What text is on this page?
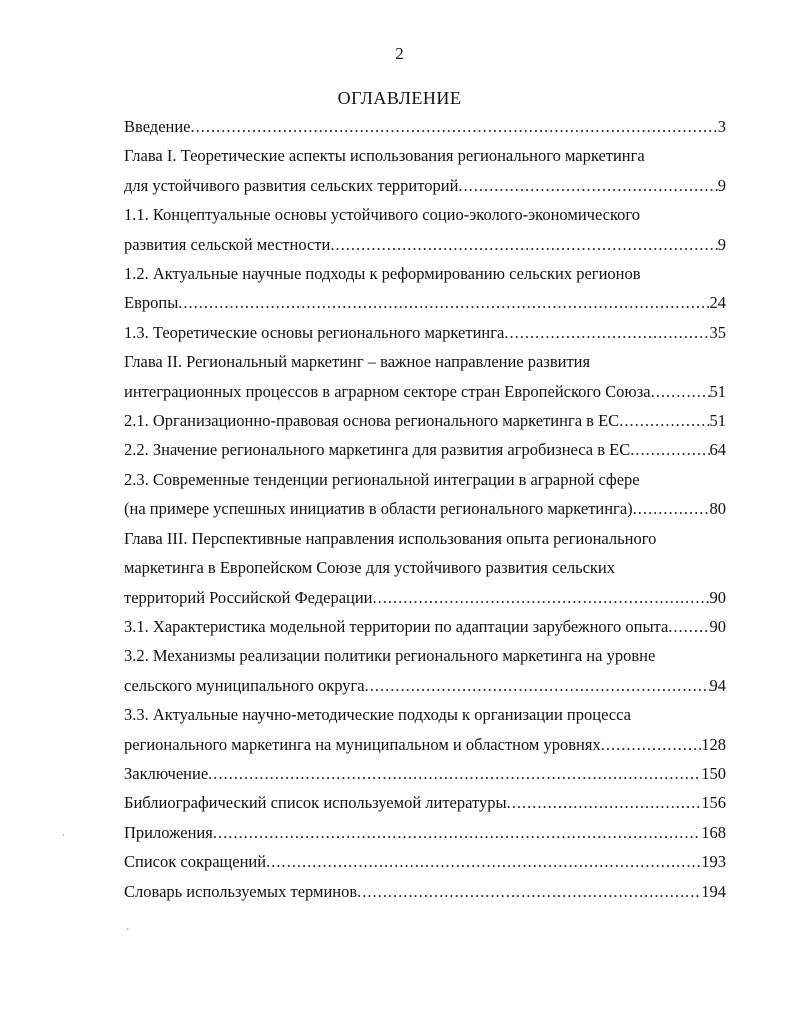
2
ОГЛАВЛЕНИЕ
Введение .....	3
Глава I. Теоретические аспекты использования регионального маркетинга
для устойчивого развития сельских территорий .....	9
1.1. Концептуальные основы устойчивого социо-эколого-экономического
развития сельской местности .....	9
1.2. Актуальные научные подходы к реформированию сельских регионов
Европы .....	24
1.3. Теоретические основы регионального маркетинга .....	35
Глава II. Региональный маркетинг – важное направление развития
интеграционных процессов в аграрном секторе стран Европейского Союза .....	51
2.1. Организационно-правовая основа регионального маркетинга в ЕС .....	51
2.2. Значение регионального маркетинга для развития агробизнеса в ЕС .....	64
2.3. Современные тенденции региональной интеграции в аграрной сфере
(на примере успешных инициатив в области регионального маркетинга) .....	80
Глава III. Перспективные направления использования опыта регионального
маркетинга в Европейском Союзе для устойчивого развития сельских
территорий Российской Федерации .....	90
3.1. Характеристика модельной территории по адаптации зарубежного опыта ..... 90
3.2. Механизмы реализации политики регионального маркетинга на уровне
сельского муниципального округа .....	94
3.3. Актуальные научно-методические подходы к организации процесса
регионального маркетинга на муниципальном и областном уровнях .....	128
Заключение .....	150
Библиографический список используемой литературы .....	156
Приложения .....	168
Список сокращений .....	193
Словарь используемых терминов .....	194
·
˚
